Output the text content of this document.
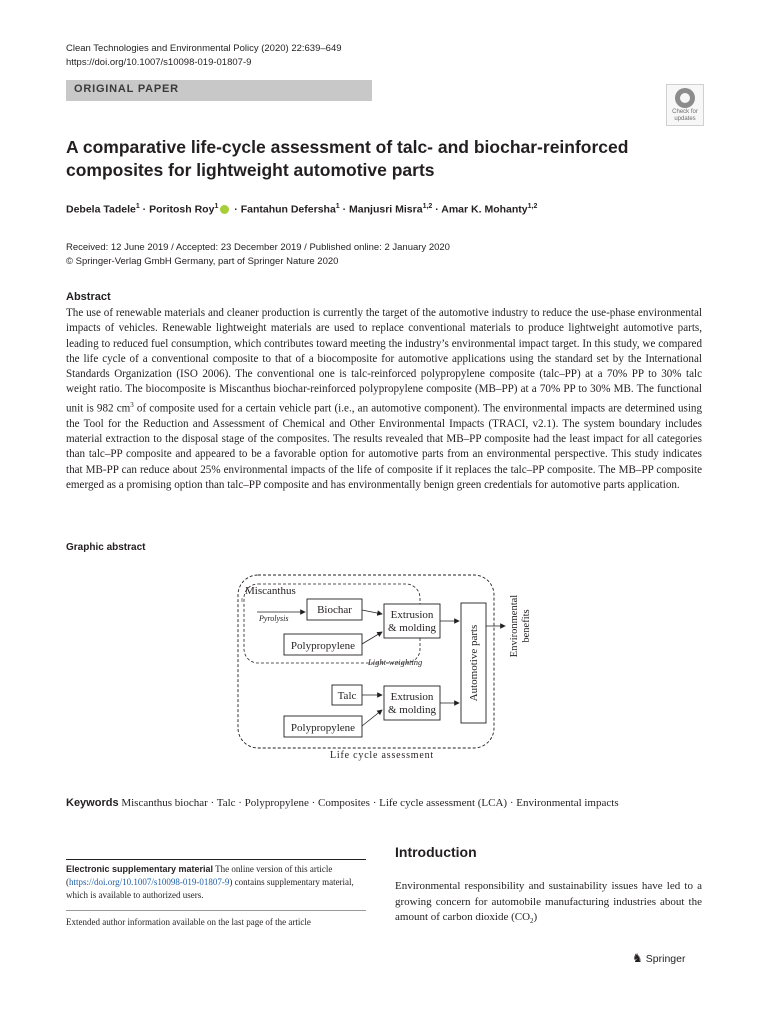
Clean Technologies and Environmental Policy (2020) 22:639–649
https://doi.org/10.1007/s10098-019-01807-9
ORIGINAL PAPER
Check for
updates
A comparative life-cycle assessment of talc- and biochar-reinforced composites for lightweight automotive parts
Debela Tadele$^1$ · Poritosh Roy$^1$ · Fantahun Defersha$^1$ · Manjusri Misra$^{1,2}$ · Amar K. Mohanty$^{1,2}$
Received: 12 June 2019 / Accepted: 23 December 2019 / Published online: 2 January 2020
© Springer-Verlag GmbH Germany, part of Springer Nature 2020
Abstract
The use of renewable materials and cleaner production is currently the target of the automotive industry to reduce the use-phase environmental impacts of vehicles. Renewable lightweight materials are used to replace conventional materials to produce lightweight automotive parts, leading to reduced fuel consumption, which contributes toward meeting the industry’s environmental impact target. In this study, we compared the life cycle of a conventional composite to that of a biocomposite for automotive applications using the standard set by the International Standards Organization (ISO 2006). The conventional one is talc-reinforced polypropylene composite (talc–PP) at a 70% PP to 30% talc weight ratio. The biocomposite is Miscanthus biochar-reinforced polypropylene composite (MB–PP) at a 70% PP to 30% MB. The functional unit is 982 $cm^3$ of composite used for a certain vehicle part (i.e., an automotive component). The environmental impacts are determined using the Tool for the Reduction and Assessment of Chemical and Other Environmental Impacts (TRACI, v2.1). The system boundary includes material extraction to the disposal stage of the composites. The results revealed that MB–PP composite had the least impact for all categories than talc–PP composite and appeared to be a favorable option for automotive parts from an environmental perspective. This study indicates that MB-PP can reduce about 25% environmental impacts of the life of composite if it replaces the talc–PP composite. The MB–PP composite emerged as a promising option than talc–PP composite and has environmentally benign green credentials for automotive parts application.
Graphic abstract
Miscanthus
Pyrolysis
Biochar
Polypropylene
Extrusion
& molding
Light-weighting
Talc
Polypropylene
Extrusion
& molding
Automotive parts	Environmental benefits
Life cycle assessment
Keywords Miscanthus biochar · Talc · Polypropylene · Composites · Life cycle assessment (LCA) · Environmental impacts
Introduction
Environmental responsibility and sustainability issues have led to a growing concern for automobile manufacturing industries about the amount of carbon dioxide $(CO_2)$
Electronic supplementary material The online version of this article (https://doi.org/10.1007/s10098-019-01807-9) contains supplementary material, which is available to authorized users.
Extended author information available on the last page of the article
♞ Springer
